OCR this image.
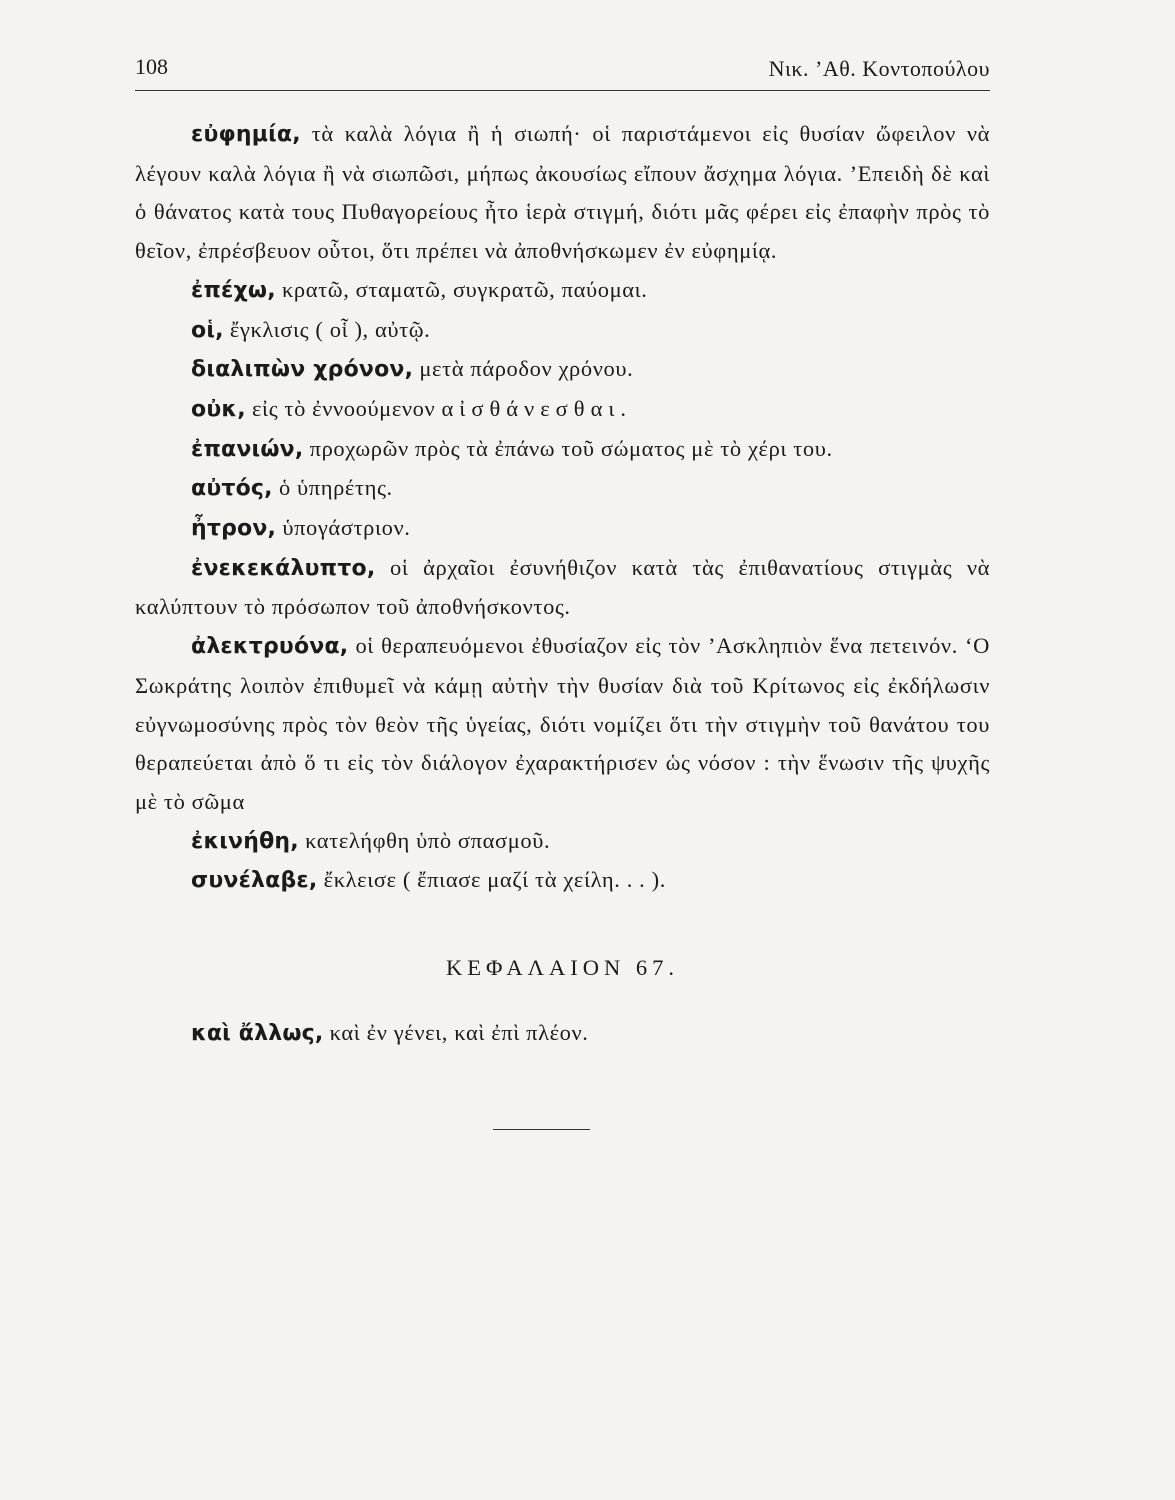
108	Νικ. ’Αθ. Κοντοπούλου

εὐφημία, τὰ καλὰ λόγια ἢ ἡ σιωπή· οἱ παριστάμενοι εἰς θυσίαν ὤφειλον νὰ λέγουν καλὰ λόγια ἢ νὰ σιωπῶσι, μήπως ἀκουσίως εἴπουν ἄσχημα λόγια. ’Επειδὴ δὲ καὶ ὁ θάνατος κατὰ τους Πυθαγορείους ἦτο ἱερὰ στιγμή, διότι μᾶς φέρει εἰς ἐπαφὴν πρὸς τὸ θεῖον, ἐπρέσβευον οὗτοι, ὅτι πρέπει νὰ ἀποθνήσκωμεν ἐν εὐφημίᾳ.

ἐπέχω, κρατῶ, σταματῶ, συγκρατῶ, παύομαι.

οἱ, ἔγκλισις ( οἷ ), αὐτῷ.

διαλιπὼν χρόνον, μετὰ πάροδον χρόνου.

οὐκ, εἰς τὸ ἐννοούμενον αἰσθάνεσθαι.

ἐπανιών, προχωρῶν πρὸς τὰ ἐπάνω τοῦ σώματος μὲ τὸ χέρι του.

αὐτός, ὁ ὑπηρέτης.

ἦτρον, ὑπογάστριον.

ἐνεκεκάλυπτο, οἱ ἀρχαῖοι ἐσυνήθιζον κατὰ τὰς ἐπιθανατίους στιγμὰς νὰ καλύπτουν τὸ πρόσωπον τοῦ ἀποθνήσκοντος.

ἀλεκτρυόνα, οἱ θεραπευόμενοι ἐθυσίαζον εἰς τὸν ’Ασκληπιὸν ἕνα πετεινόν. ‘Ο Σωκράτης λοιπὸν ἐπιθυμεῖ νὰ κάμῃ αὐτὴν τὴν θυσίαν διὰ τοῦ Κρίτωνος εἰς ἐκδήλωσιν εὐγνωμοσύνης πρὸς τὸν θεὸν τῆς ὑγείας, διότι νομίζει ὅτι τὴν στιγμὴν τοῦ θανάτου του θεραπεύεται ἀπὸ ὅ τι εἰς τὸν διάλογον ἐχαρακτήρισεν ὡς νόσον : τὴν ἕνωσιν τῆς ψυχῆς μὲ τὸ σῶμα

ἐκινήθη, κατελήφθη ὑπὸ σπασμοῦ.

συνέλαβε, ἔκλεισε ( ἔπιασε μαζί τὰ χείλη. . . ).

ΚΕΦΑΛΑΙΟΝ 67.

καὶ ἄλλως, καὶ ἐν γένει, καὶ ἐπὶ πλέον.
